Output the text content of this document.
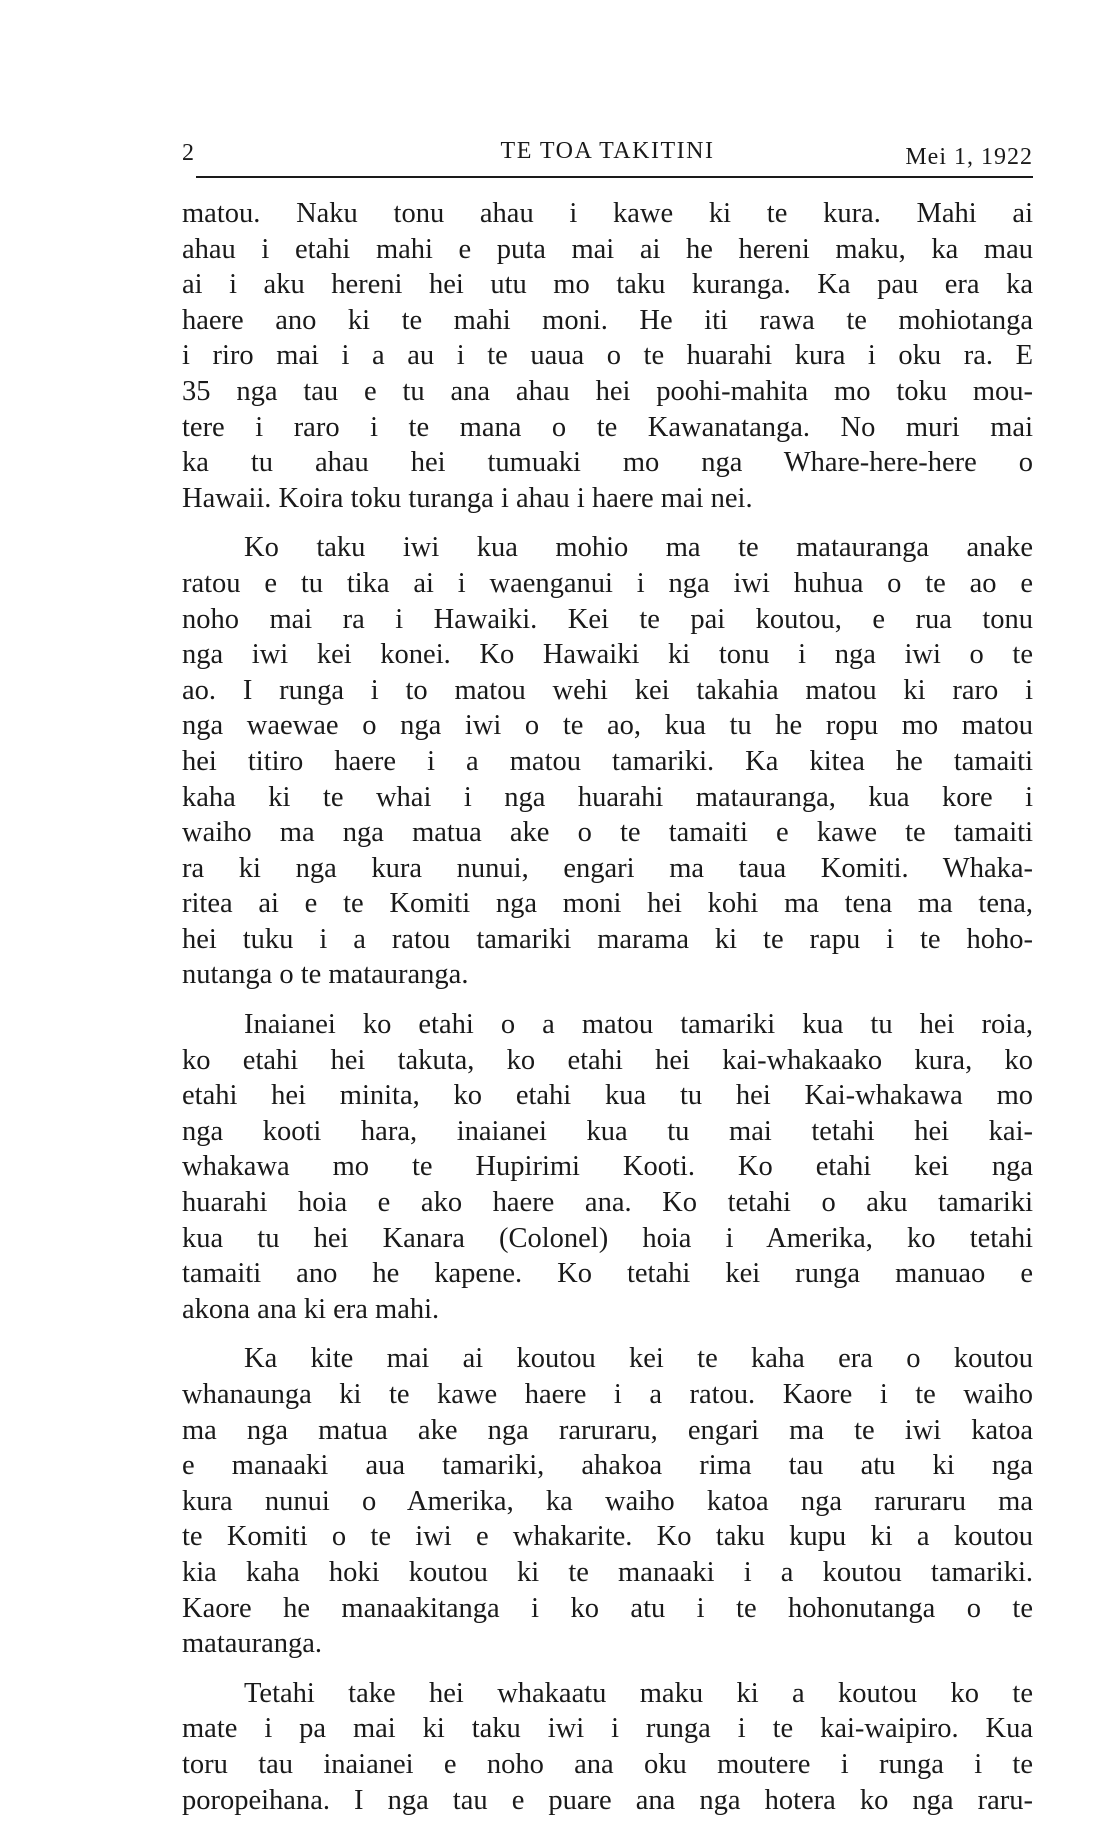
2	TE TOA TAKITINI	Mei 1, 1922
matou. Naku tonu ahau i kawe ki te kura. Mahi ai
ahau i etahi mahi e puta mai ai he hereni maku, ka mau
ai i aku hereni hei utu mo taku kuranga. Ka pau era ka
haere ano ki te mahi moni. He iti rawa te mohiotanga
i riro mai i a au i te uaua o te huarahi kura i oku ra. E
35 nga tau e tu ana ahau hei poohi-mahita mo toku mou-
tere i raro i te mana o te Kawanatanga. No muri mai
ka tu ahau hei tumuaki mo nga Whare-here-here o
Hawaii. Koira toku turanga i ahau i haere mai nei.
Ko taku iwi kua mohio ma te matauranga anake
ratou e tu tika ai i waenganui i nga iwi huhua o te ao e
noho mai ra i Hawaiki. Kei te pai koutou, e rua tonu
nga iwi kei konei. Ko Hawaiki ki tonu i nga iwi o te
ao. I runga i to matou wehi kei takahia matou ki raro i
nga waewae o nga iwi o te ao, kua tu he ropu mo matou
hei titiro haere i a matou tamariki. Ka kitea he tamaiti
kaha ki te whai i nga huarahi matauranga, kua kore i
waiho ma nga matua ake o te tamaiti e kawe te tamaiti
ra ki nga kura nunui, engari ma taua Komiti. Whaka-
ritea ai e te Komiti nga moni hei kohi ma tena ma tena,
hei tuku i a ratou tamariki marama ki te rapu i te hoho-
nutanga o te matauranga.
Inaianei ko etahi o a matou tamariki kua tu hei roia,
ko etahi hei takuta, ko etahi hei kai-whakaako kura, ko
etahi hei minita, ko etahi kua tu hei Kai-whakawa mo
nga kooti hara, inaianei kua tu mai tetahi hei kai-
whakawa mo te Hupirimi Kooti. Ko etahi kei nga
huarahi hoia e ako haere ana. Ko tetahi o aku tamariki
kua tu hei Kanara (Colonel) hoia i Amerika, ko tetahi
tamaiti ano he kapene. Ko tetahi kei runga manuao e
akona ana ki era mahi.
Ka kite mai ai koutou kei te kaha era o koutou
whanaunga ki te kawe haere i a ratou. Kaore i te waiho
ma nga matua ake nga raruraru, engari ma te iwi katoa
e manaaki aua tamariki, ahakoa rima tau atu ki nga
kura nunui o Amerika, ka waiho katoa nga raruraru ma
te Komiti o te iwi e whakarite. Ko taku kupu ki a koutou
kia kaha hoki koutou ki te manaaki i a koutou tamariki.
Kaore he manaakitanga i ko atu i te hohonutanga o te
matauranga.
Tetahi take hei whakaatu maku ki a koutou ko te
mate i pa mai ki taku iwi i runga i te kai-waipiro. Kua
toru tau inaianei e noho ana oku moutere i runga i te
poropeihana. I nga tau e puare ana nga hotera ko nga raru-
